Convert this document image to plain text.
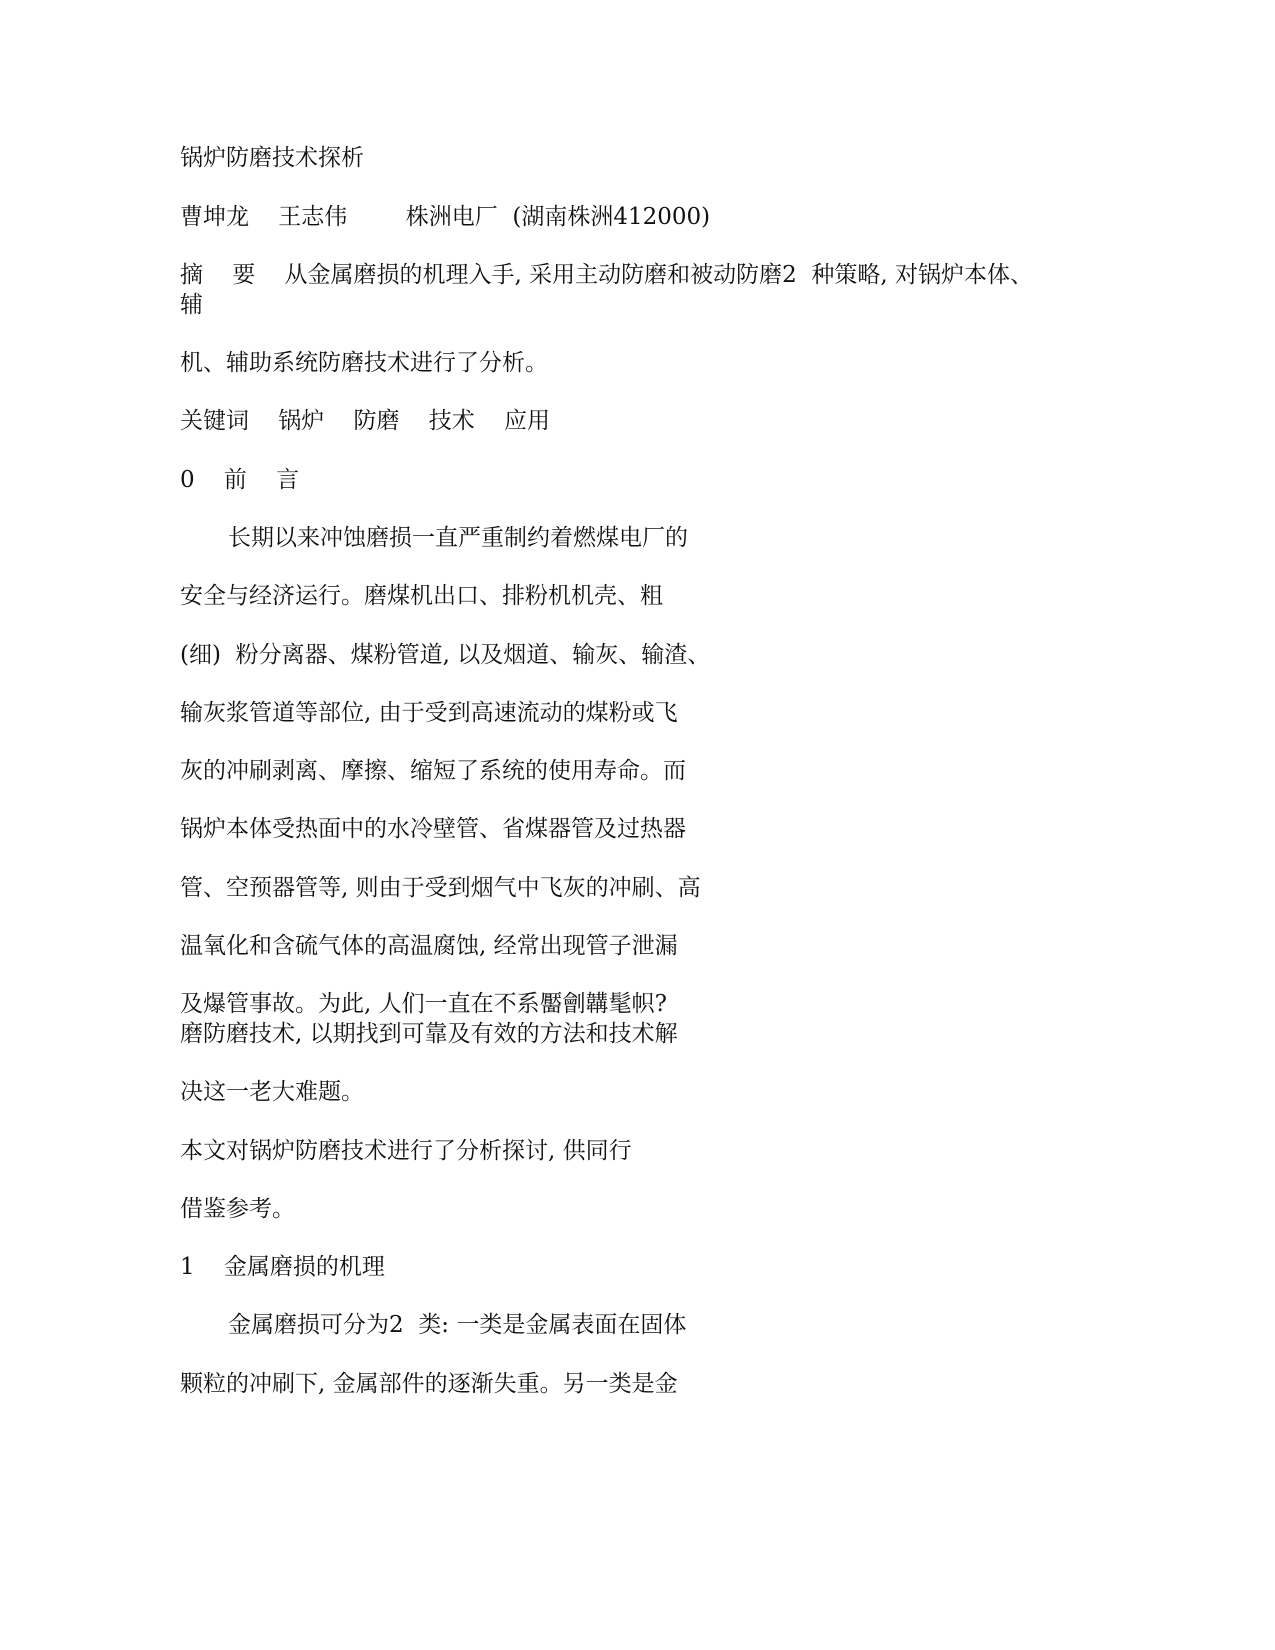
锅炉防磨技术探析
曹坤龙    王志伟        株洲电厂  (湖南株洲412000)
摘    要    从金属磨损的机理入手, 采用主动防磨和被动防磨2  种策略, 对锅炉本体、
辅
机、辅助系统防磨技术进行了分析。
关键词    锅炉    防磨    技术    应用
0    前    言
长期以来冲蚀磨损一直严重制约着燃煤电厂的
安全与经济运行。磨煤机出口、排粉机机壳、粗
(细)  粉分离器、煤粉管道, 以及烟道、输灰、输渣、
输灰浆管道等部位, 由于受到高速流动的煤粉或飞
灰的冲刷剥离、摩擦、缩短了系统的使用寿命。而
锅炉本体受热面中的水冷壁管、省煤器管及过热器
管、空预器管等, 则由于受到烟气中飞灰的冲刷、高
温氧化和含硫气体的高温腐蚀, 经常出现管子泄漏
及爆管事故。为此, 人们一直在不系靨劊韝髦帜?
磨防磨技术, 以期找到可靠及有效的方法和技术解
决这一老大难题。
本文对锅炉防磨技术进行了分析探讨, 供同行
借鉴参考。
1    金属磨损的机理
金属磨损可分为2  类: 一类是金属表面在固体
颗粒的冲刷下, 金属部件的逐渐失重。另一类是金
